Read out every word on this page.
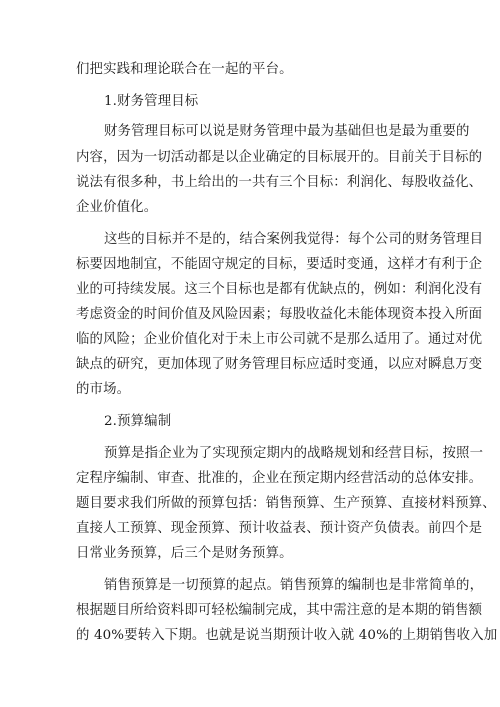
们把实践和理论联合在一起的平台。
1.财务管理目标
财务管理目标可以说是财务管理中最为基础但也是最为重要的
内容，因为一切活动都是以企业确定的目标展开的。目前关于目标的
说法有很多种，书上给出的一共有三个目标：利润化、每股收益化、
企业价值化。
这些的目标并不是的，结合案例我觉得：每个公司的财务管理目
标要因地制宜，不能固守规定的目标，要适时变通，这样才有利于企
业的可持续发展。这三个目标也是都有优缺点的，例如：利润化没有
考虑资金的时间价值及风险因素；每股收益化未能体现资本投入所面
临的风险；企业价值化对于未上市公司就不是那么适用了。通过对优
缺点的研究，更加体现了财务管理目标应适时变通，以应对瞬息万变
的市场。
2.预算编制
预算是指企业为了实现预定期内的战略规划和经营目标，按照一
定程序编制、审查、批准的，企业在预定期内经营活动的总体安排。
题目要求我们所做的预算包括：销售预算、生产预算、直接材料预算、
直接人工预算、现金预算、预计收益表、预计资产负债表。前四个是
日常业务预算，后三个是财务预算。
销售预算是一切预算的起点。销售预算的编制也是非常简单的，
根据题目所给资料即可轻松编制完成，其中需注意的是本期的销售额
的 40%要转入下期。也就是说当期预计收入就 40%的上期销售收入加
